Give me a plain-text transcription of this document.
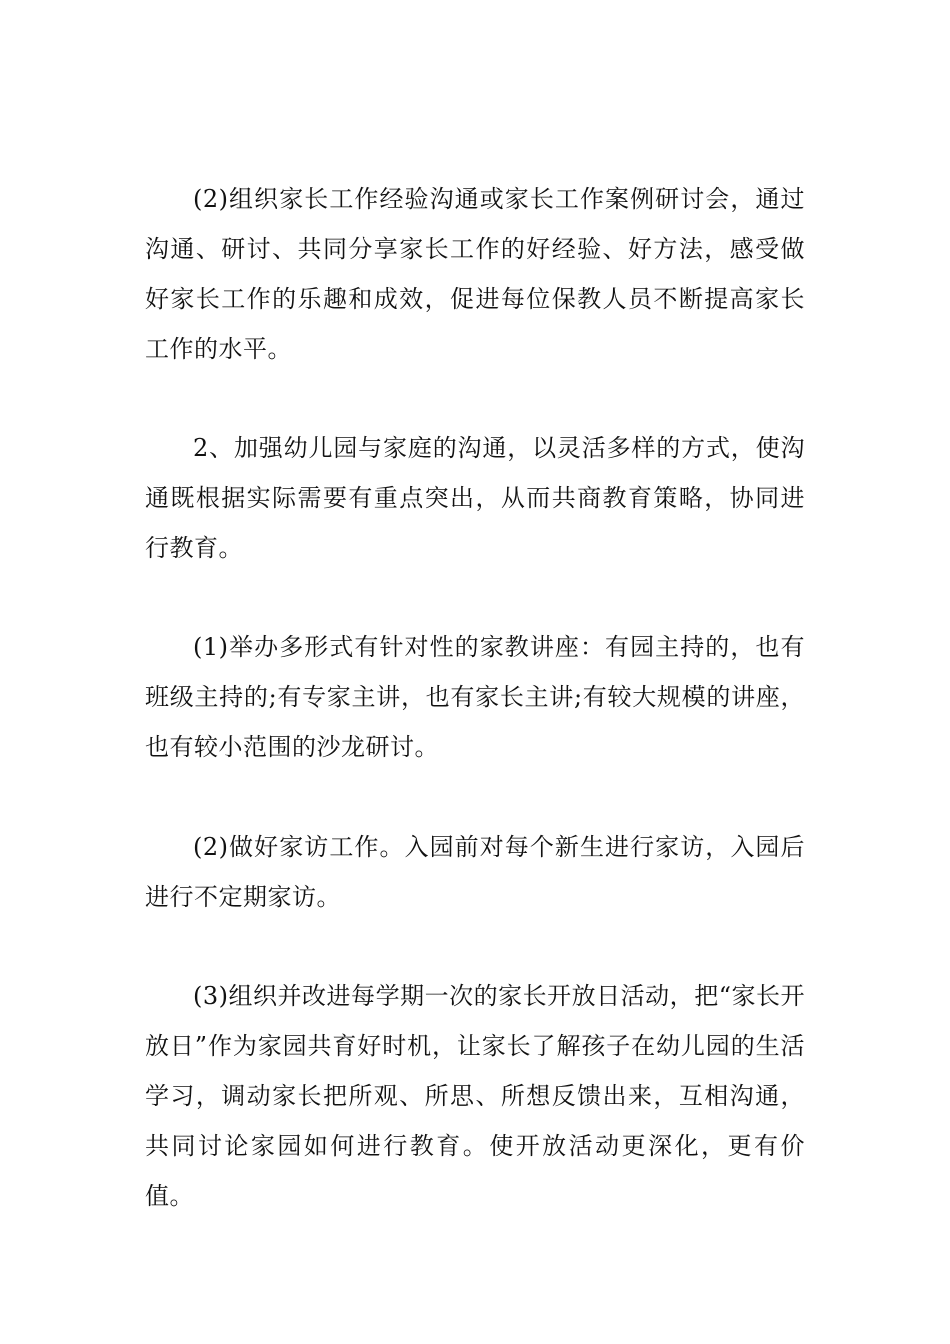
(2)组织家长工作经验沟通或家长工作案例研讨会，通过沟通、研讨、共同分享家长工作的好经验、好方法，感受做好家长工作的乐趣和成效，促进每位保教人员不断提高家长工作的水平。

2、加强幼儿园与家庭的沟通，以灵活多样的方式，使沟通既根据实际需要有重点突出，从而共商教育策略，协同进行教育。

(1)举办多形式有针对性的家教讲座：有园主持的，也有班级主持的;有专家主讲，也有家长主讲;有较大规模的讲座，也有较小范围的沙龙研讨。

(2)做好家访工作。入园前对每个新生进行家访，入园后进行不定期家访。

(3)组织并改进每学期一次的家长开放日活动，把“家长开放日”作为家园共育好时机，让家长了解孩子在幼儿园的生活学习，调动家长把所观、所思、所想反馈出来，互相沟通，共同讨论家园如何进行教育。使开放活动更深化，更有价值。
